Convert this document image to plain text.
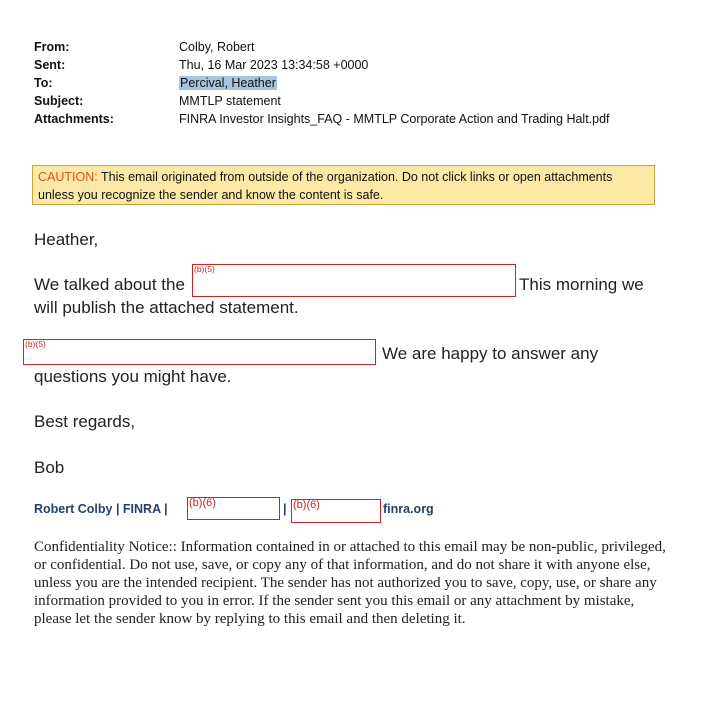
From:	Colby, Robert
Sent:	Thu, 16 Mar 2023 13:34:58 +0000
To:	Percival, Heather
Subject:	MMTLP statement
Attachments:	FINRA Investor Insights_FAQ - MMTLP Corporate Action and Trading Halt.pdf
CAUTION: This email originated from outside of the organization. Do not click links or open attachments unless you recognize the sender and know the content is safe.
Heather,
We talked about the
(b)(5)
This morning we
will publish the attached statement.
(b)(5)	We are happy to answer any
questions you might have.
Best regards,
Bob
Robert Colby | FINRA | (b)(6)	| (b)(6)	finra.org
Confidentiality Notice:: Information contained in or attached to this email may be non-public, privileged, or confidential. Do not use, save, or copy any of that information, and do not share it with anyone else, unless you are the intended recipient. The sender has not authorized you to save, copy, use, or share any information provided to you in error. If the sender sent you this email or any attachment by mistake, please let the sender know by replying to this email and then deleting it.
